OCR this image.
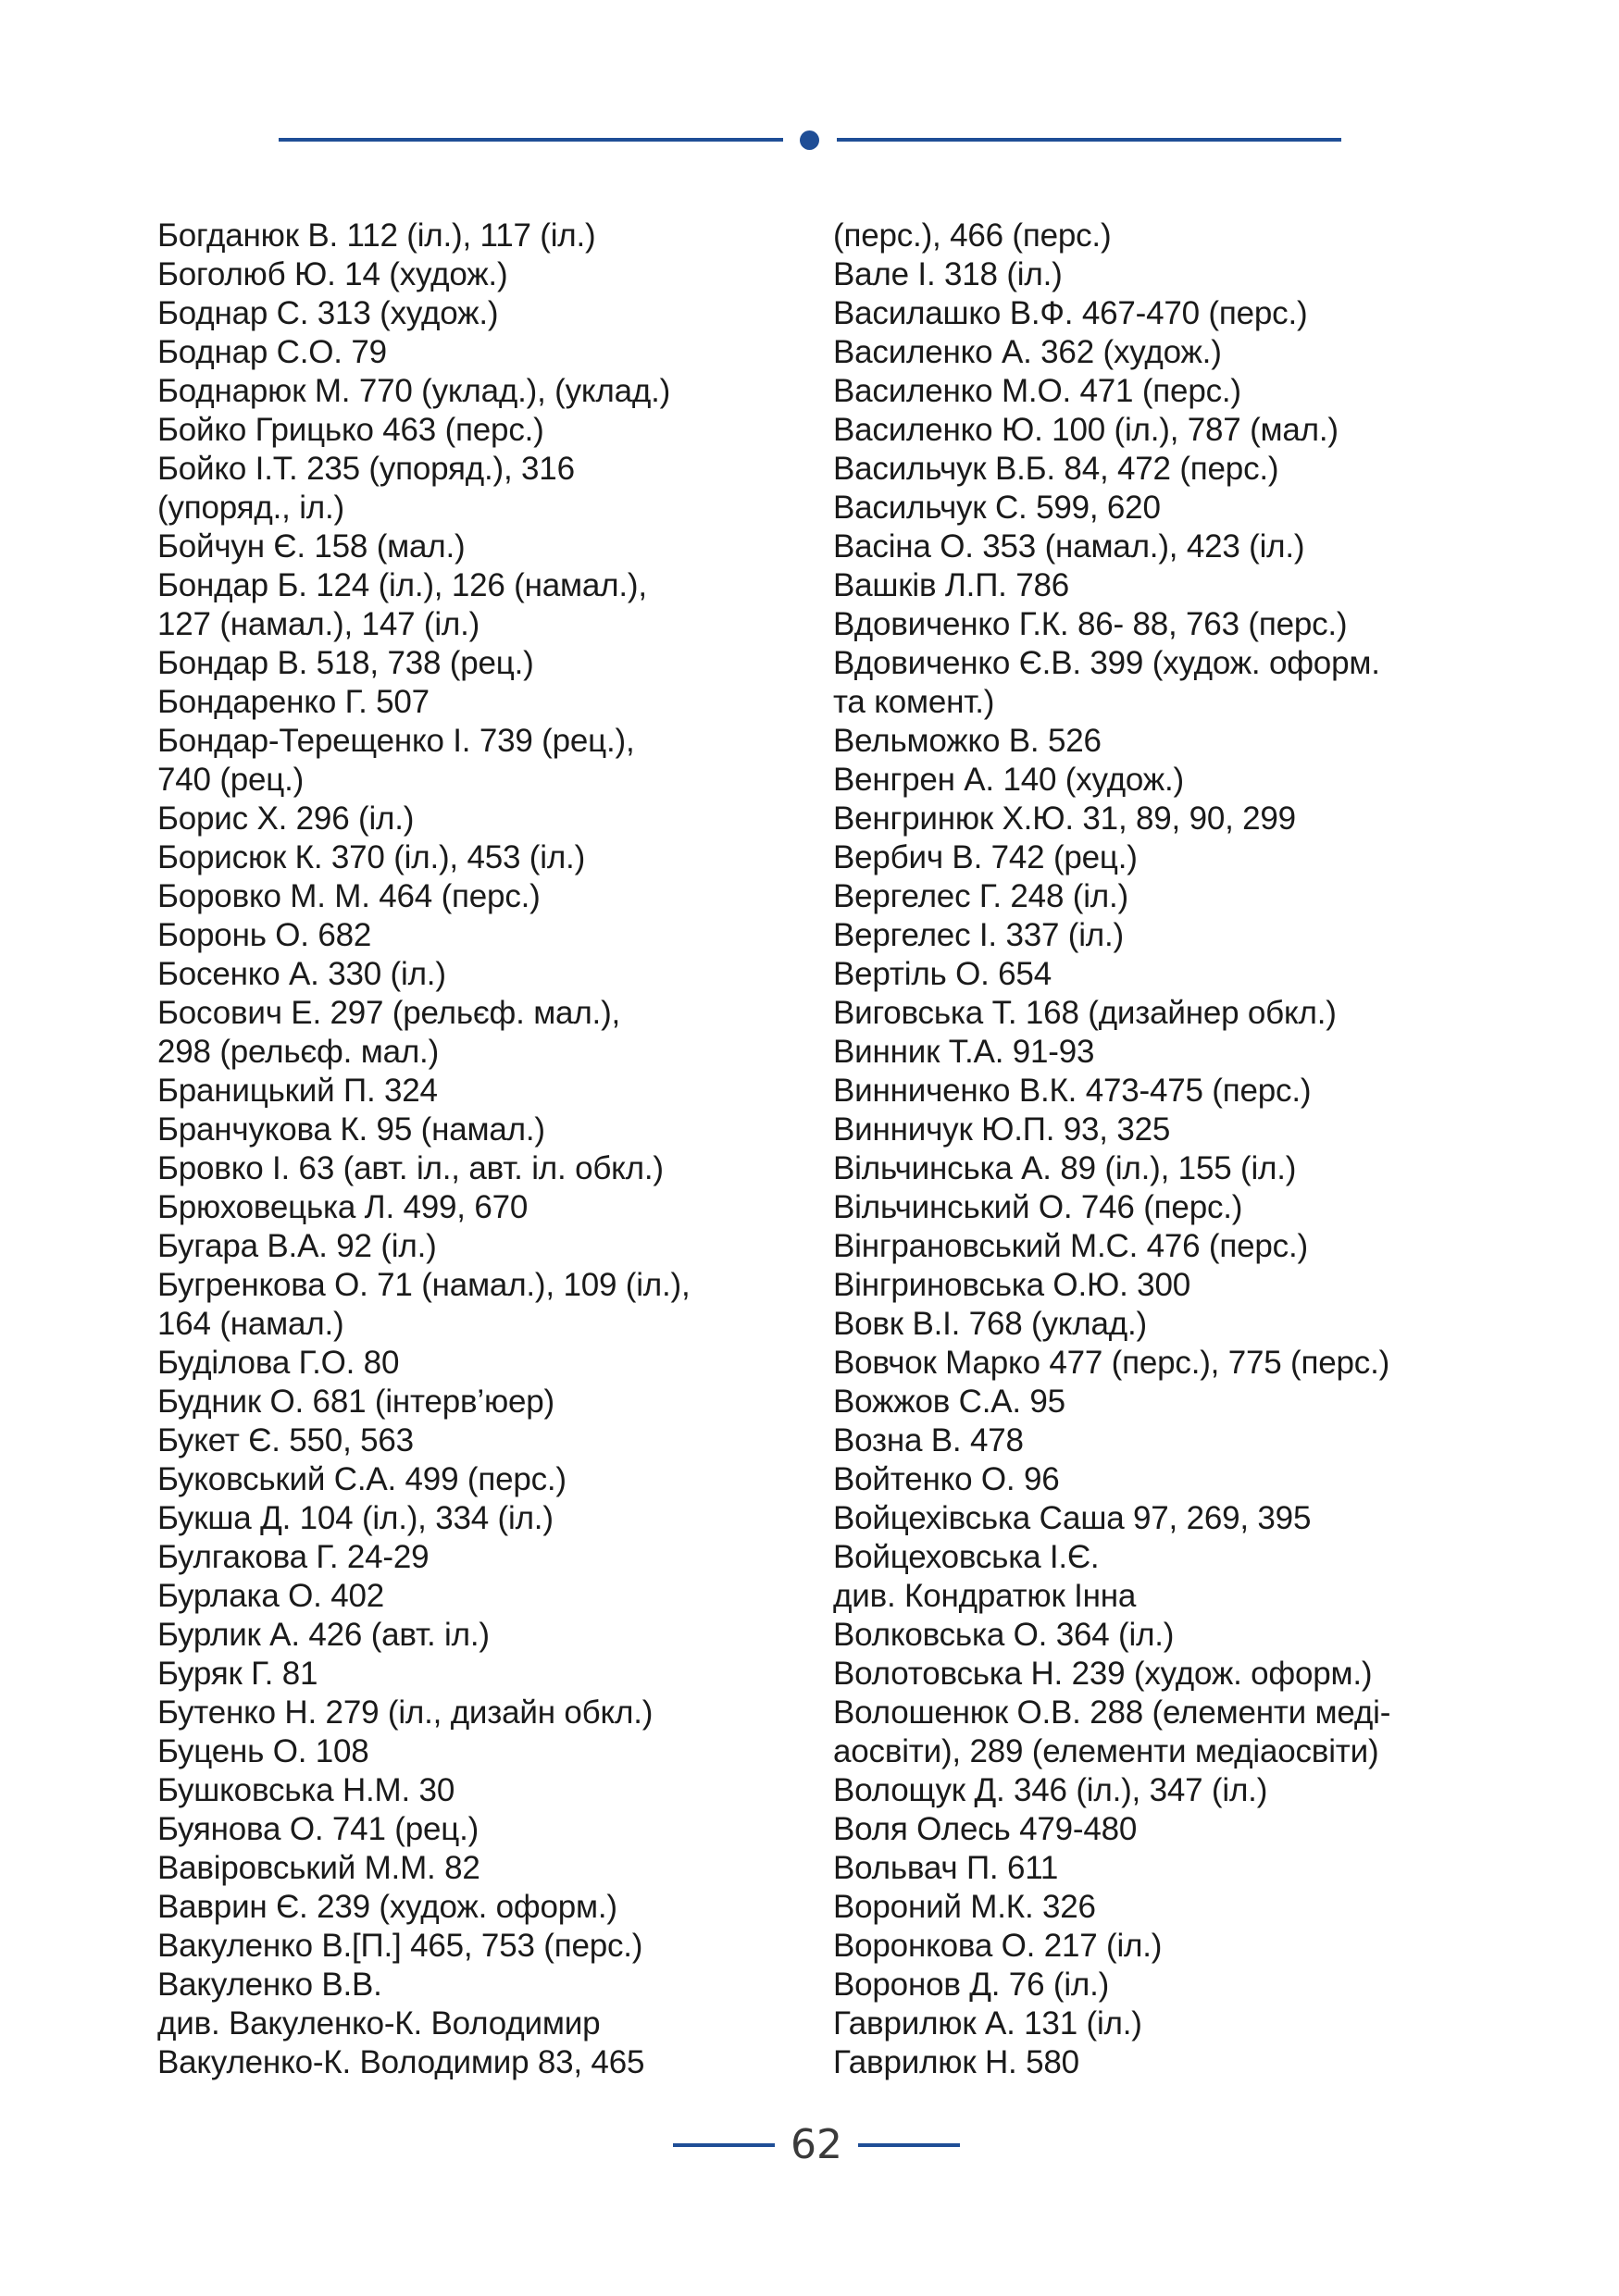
Богданюк В. 112 (іл.), 117 (іл.)
Боголюб Ю. 14 (худож.)
Боднар С. 313 (худож.)
Боднар С.О. 79
Боднарюк М. 770 (уклад.), (уклад.)
Бойко Грицько 463 (перс.)
Бойко І.Т. 235 (упоряд.), 316
(упоряд., іл.)
Бойчун Є. 158 (мал.)
Бондар Б. 124 (іл.), 126 (намал.),
127 (намал.), 147 (іл.)
Бондар В. 518, 738 (рец.)
Бондаренко Г. 507
Бондар-Терещенко І. 739 (рец.),
740 (рец.)
Борис Х. 296 (іл.)
Борисюк К. 370 (іл.), 453 (іл.)
Боровко М. М. 464 (перс.)
Боронь О. 682
Босенко А. 330 (іл.)
Босович Е. 297 (рельєф. мал.),
298 (рельєф. мал.)
Браницький П. 324
Бранчукова К. 95 (намал.)
Бровко І. 63 (авт. іл., авт. іл. обкл.)
Брюховецька Л. 499, 670
Бугара В.А. 92 (іл.)
Бугренкова О. 71 (намал.), 109 (іл.),
164 (намал.)
Буділова Г.О. 80
Будник О. 681 (інтерв’юер)
Букет Є. 550, 563
Буковський С.А. 499 (перс.)
Букша Д. 104 (іл.), 334 (іл.)
Булгакова Г. 24-29
Бурлака О. 402
Бурлик А. 426 (авт. іл.)
Буряк Г. 81
Бутенко Н. 279 (іл., дизайн обкл.)
Буцень О. 108
Бушковська Н.М. 30
Буянова О. 741 (рец.)
Вавіровський М.М. 82
Ваврин Є. 239 (худож. оформ.)
Вакуленко В.[П.] 465, 753 (перс.)
Вакуленко В.В.
див. Вакуленко-К. Володимир
Вакуленко-К. Володимир 83, 465
(перс.), 466 (перс.)
Вале І. 318 (іл.)
Василашко В.Ф. 467-470 (перс.)
Василенко А. 362 (худож.)
Василенко М.О. 471 (перс.)
Василенко Ю. 100 (іл.), 787 (мал.)
Васильчук В.Б. 84, 472 (перс.)
Васильчук С. 599, 620
Васіна О. 353 (намал.), 423 (іл.)
Вашків Л.П. 786
Вдовиченко Г.К. 86- 88, 763 (перс.)
Вдовиченко Є.В. 399 (худож. оформ.
та комент.)
Вельможко В. 526
Венгрен А. 140 (худож.)
Венгринюк Х.Ю. 31, 89, 90, 299
Вербич В. 742 (рец.)
Вергелес Г. 248 (іл.)
Вергелес І. 337 (іл.)
Вертіль О. 654
Виговська Т. 168 (дизайнер обкл.)
Винник Т.А. 91-93
Винниченко В.К. 473-475 (перс.)
Винничук Ю.П. 93, 325
Вільчинська А. 89 (іл.), 155 (іл.)
Вільчинський О. 746 (перс.)
Вінграновський М.С. 476 (перс.)
Вінгриновська О.Ю. 300
Вовк В.І. 768 (уклад.)
Вовчок Марко 477 (перс.), 775 (перс.)
Вожжов С.А. 95
Возна В. 478
Войтенко О. 96
Войцехівська Саша 97, 269, 395
Войцеховська І.Є.
див. Кондратюк Інна
Волковська О. 364 (іл.)
Волотовська Н. 239 (худож. оформ.)
Волошенюк О.В. 288 (елементи меді-
аосвіти), 289 (елементи медіаосвіти)
Волощук Д. 346 (іл.), 347 (іл.)
Воля Олесь 479-480
Вольвач П. 611
Вороний М.К. 326
Воронкова О. 217 (іл.)
Воронов Д. 76 (іл.)
Гаврилюк А. 131 (іл.)
Гаврилюк Н. 580
62
